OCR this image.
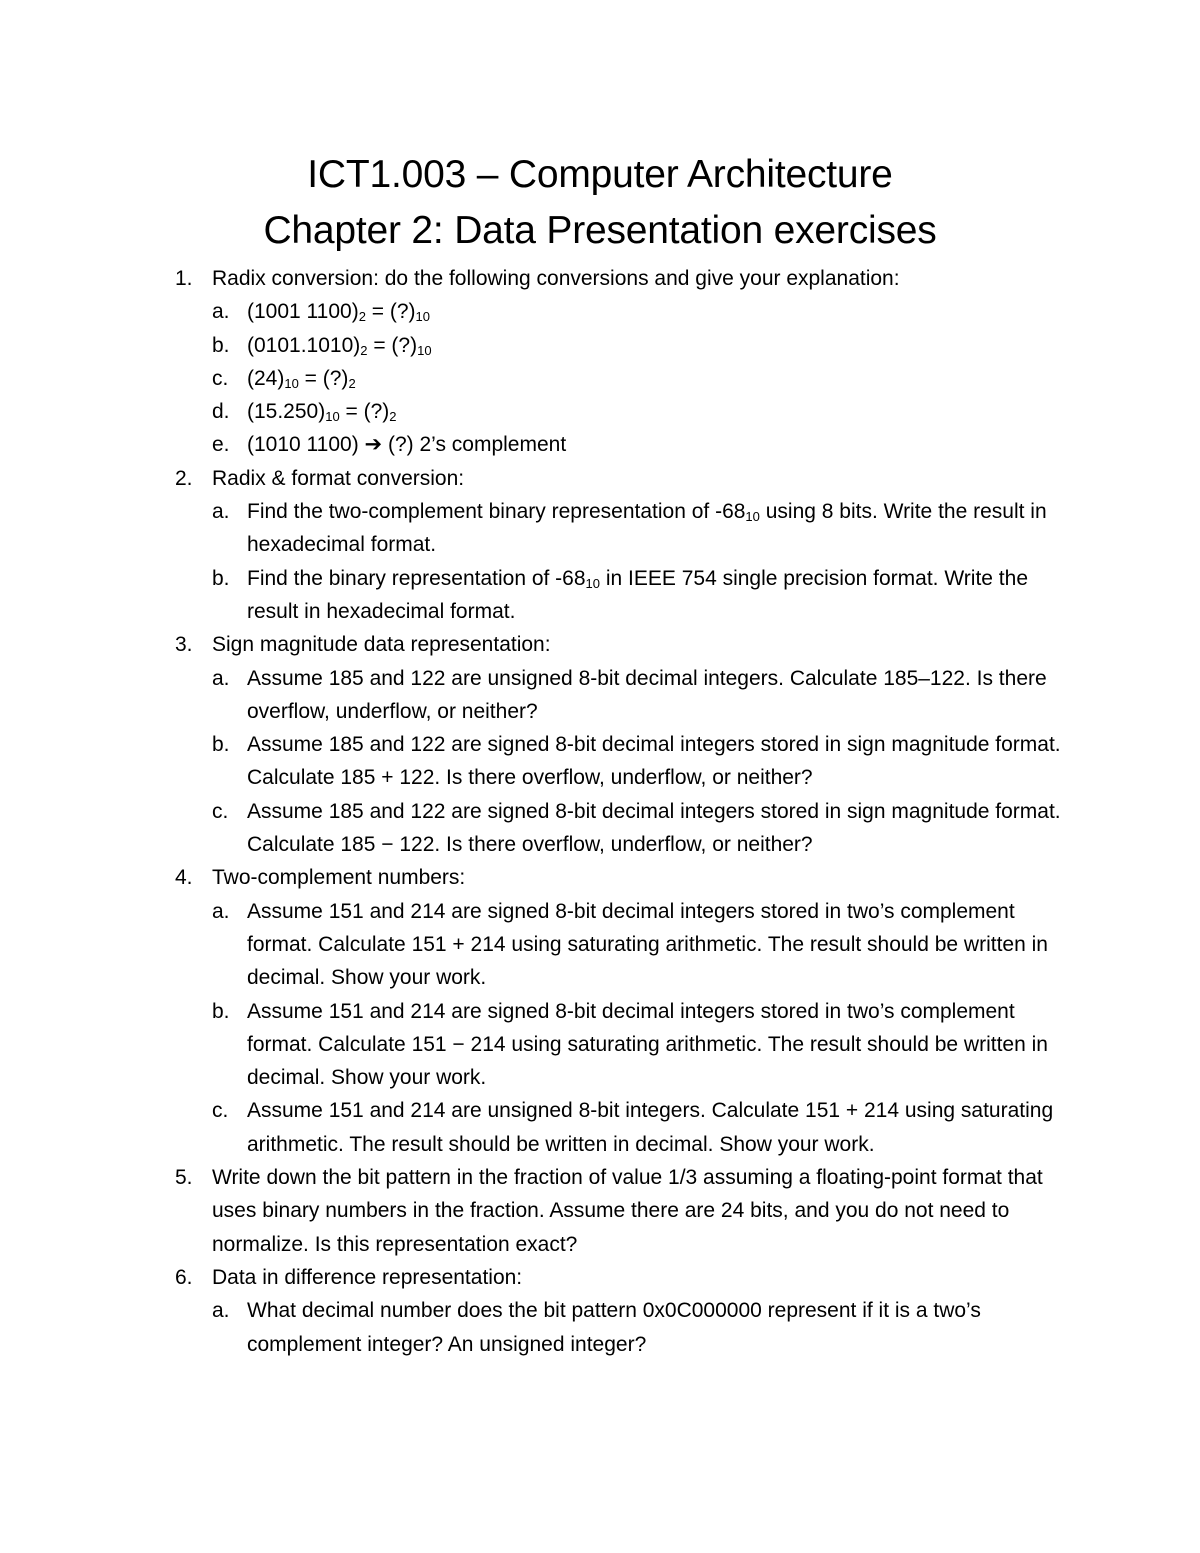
ICT1.003 – Computer Architecture
Chapter 2: Data Presentation exercises
1. Radix conversion: do the following conversions and give your explanation:
a. (1001 $1100)_2$ = $(?)_{10}$
b. $(0101.1010)_2$ = $(?)_{10}$
c. $(24)_{10}$ = $(?)_2$
d. $(15.250)_{10}$ = $(?)_2$
e. (1010 1100) ➔ (?) 2’s complement
2. Radix & format conversion:
a. Find the two-complement binary representation of $-68_{10}$ using 8 bits. Write the result in hexadecimal format.
b. Find the binary representation of $-68_{10}$ in IEEE 754 single precision format. Write the result in hexadecimal format.
3. Sign magnitude data representation:
a. Assume 185 and 122 are unsigned 8-bit decimal integers. Calculate 185–122. Is there overflow, underflow, or neither?
b. Assume 185 and 122 are signed 8-bit decimal integers stored in sign magnitude format. Calculate 185 + 122. Is there overflow, underflow, or neither?
c. Assume 185 and 122 are signed 8-bit decimal integers stored in sign magnitude format. Calculate 185 − 122. Is there overflow, underflow, or neither?
4. Two-complement numbers:
a. Assume 151 and 214 are signed 8-bit decimal integers stored in two’s complement format. Calculate 151 + 214 using saturating arithmetic. The result should be written in decimal. Show your work.
b. Assume 151 and 214 are signed 8-bit decimal integers stored in two’s complement format. Calculate 151 − 214 using saturating arithmetic. The result should be written in decimal. Show your work.
c. Assume 151 and 214 are unsigned 8-bit integers. Calculate 151 + 214 using saturating arithmetic. The result should be written in decimal. Show your work.
5. Write down the bit pattern in the fraction of value 1/3 assuming a floating-point format that uses binary numbers in the fraction. Assume there are 24 bits, and you do not need to normalize. Is this representation exact?
6. Data in difference representation:
a. What decimal number does the bit pattern 0x0C000000 represent if it is a two’s complement integer? An unsigned integer?
